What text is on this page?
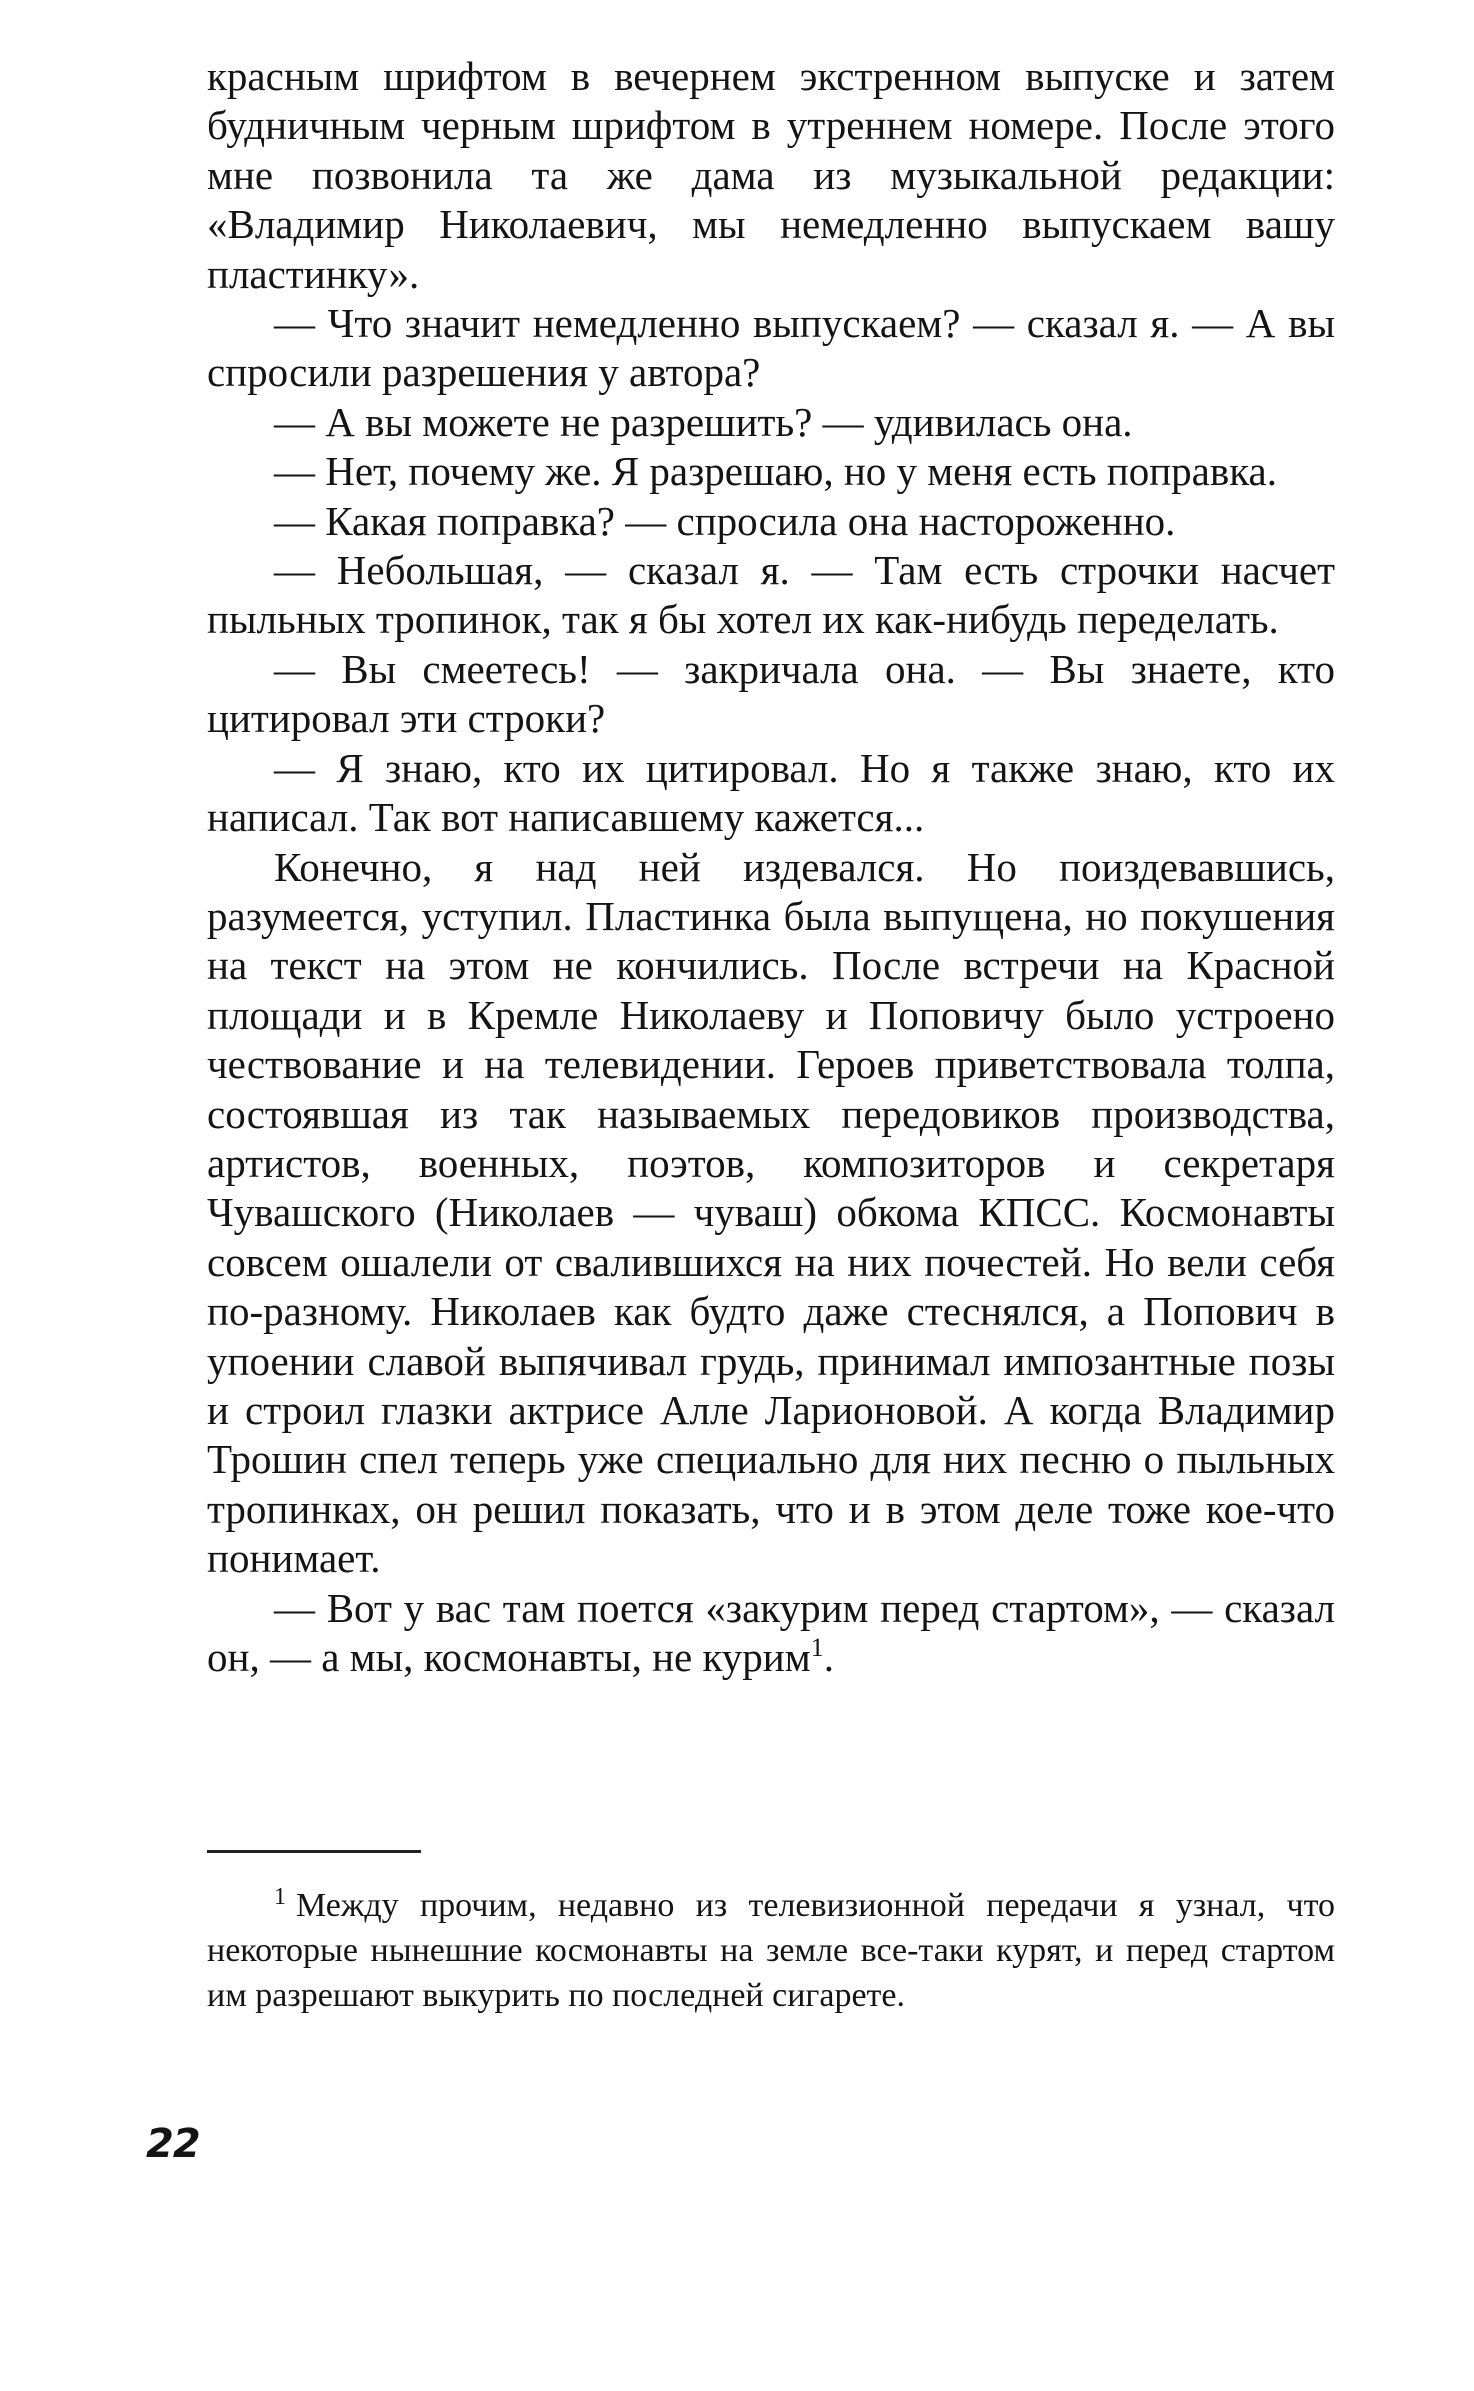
красным шрифтом в вечернем экстренном выпуске и затем будничным черным шрифтом в утреннем номере. После этого мне позвонила та же дама из музыкальной редакции: «Владимир Николаевич, мы немедленно выпускаем вашу пластинку».

— Что значит немедленно выпускаем? — сказал я. — А вы спросили разрешения у автора?

— А вы можете не разрешить? — удивилась она.

— Нет, почему же. Я разрешаю, но у меня есть поправка.

— Какая поправка? — спросила она настороженно.

— Небольшая, — сказал я. — Там есть строчки насчет пыльных тропинок, так я бы хотел их как-нибудь переделать.

— Вы смеетесь! — закричала она. — Вы знаете, кто цитировал эти строки?

— Я знаю, кто их цитировал. Но я также знаю, кто их написал. Так вот написавшему кажется...

Конечно, я над ней издевался. Но поиздевавшись, разумеется, уступил. Пластинка была выпущена, но покушения на текст на этом не кончились. После встречи на Красной площади и в Кремле Николаеву и Поповичу было устроено чествование и на телевидении. Героев приветствовала толпа, состоявшая из так называемых передовиков производства, артистов, военных, поэтов, композиторов и секретаря Чувашского (Николаев — чуваш) обкома КПСС. Космонавты совсем ошалели от свалившихся на них почестей. Но вели себя по-разному. Николаев как будто даже стеснялся, а Попович в упоении славой выпячивал грудь, принимал импозантные позы и строил глазки актрисе Алле Ларионовой. А когда Владимир Трошин спел теперь уже специально для них песню о пыльных тропинках, он решил показать, что и в этом деле тоже кое-что понимает.

— Вот у вас там поется «закурим перед стартом», — сказал он, — а мы, космонавты, не курим$^1$.

$^1$ Между прочим, недавно из телевизионной передачи я узнал, что некоторые нынешние космонавты на земле все-таки курят, и перед стартом им разрешают выкурить по последней сигарете.

22
